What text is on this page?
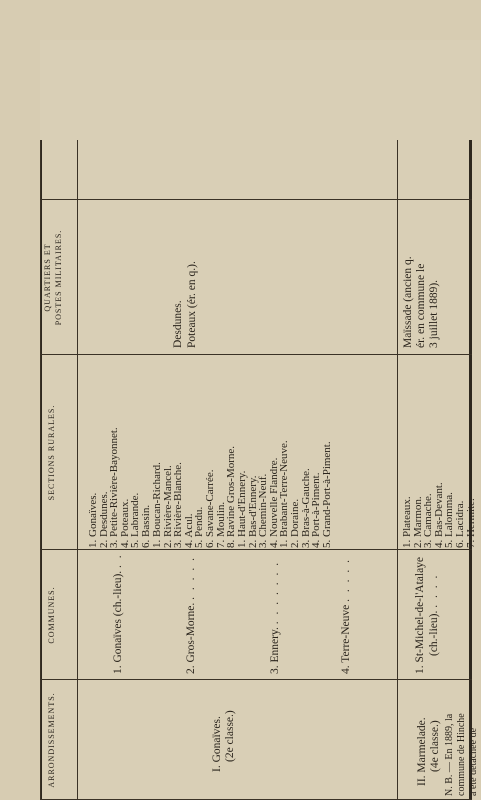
ARRONDISSEMENTS.
COMMUNES.
SECTIONS RURALES.
QUARTIERS ET POSTES MILITAIRES.
I. Gonaïves. (2e classe.)
1. Gonaïves (ch.-lieu). . .
2. Gros-Morne. . . . . .
3. Ennery. . . . . . . .
4. Terre-Neuve . . . . .
1. Gonaïves.
2. Desdunes.
3. Petite-Rivière-Bayonnet.
4. Poteaux.
5. Labrande.
6. Bassin. 1. Boucan-Richard.
2. Rivière-Mancel.
3. Rivière-Blanche.
4. Acul.
5. Pendu.
6. Savane-Carrée.
7. Moulin.
8. Ravine Gros-Morne.
1. Haut-d'Ennery.
2. Bas-d'Ennery.
3. Chemin-Neuf.
4. Nouvelle Flandre.
1. Brabant-Terre-Neuve.
2. Doraine.
3. Bras-à-Gauche.
4. Port-à-Piment.
5. Grand-Port-à-Piment.
Desdunes. Poteaux (ér. en q.).
II. Marmelade. (4e classe.) N. B. — En 1889, la commune de Hinche a été détachée de
1. St-Michel-de-l'Atalaye (ch.-lieu). . . . .
1. Plateaux.
2. Marmon.
3. Camache.
4. Bas-Devant.
5. Lalomma.
6. Lacidra.
7. Hermite.
Maïssade (ancien q. ér. en commune le 3 juillet 1889).
